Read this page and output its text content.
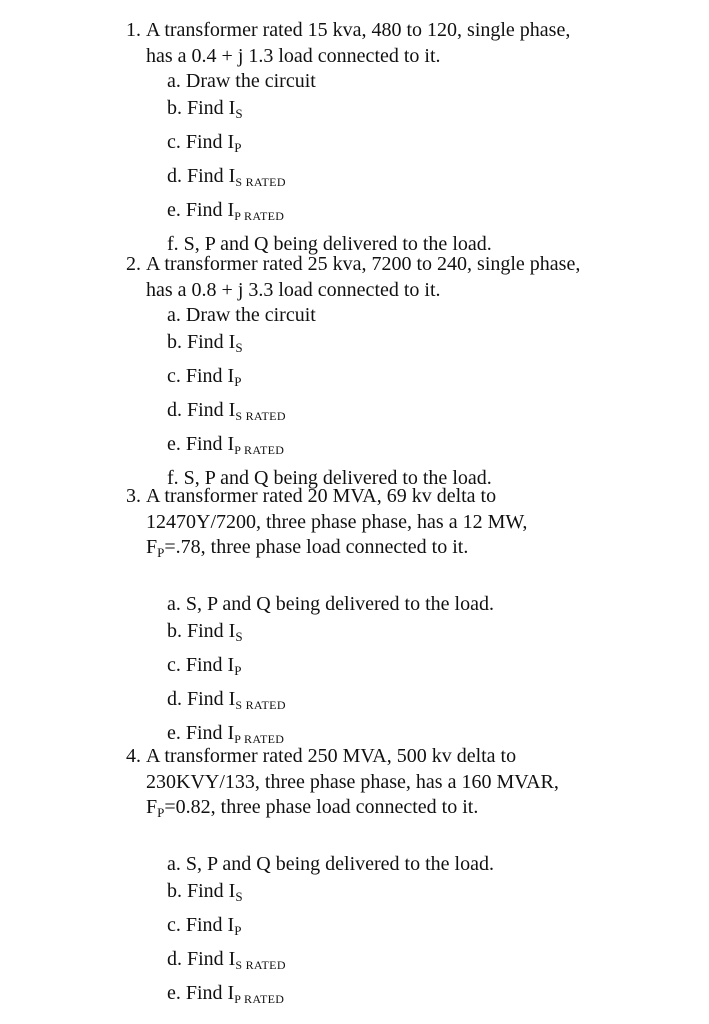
1. A transformer rated 15 kva, 480 to 120, single phase,
has a 0.4 + j 1.3 load connected to it.
a. Draw the circuit
b. Find $I_S$
c. Find $I_P$
d. Find $I_{S RATED}$
e. Find $I_{P RATED}$
f. S, P and Q being delivered to the load.
2. A transformer rated 25 kva, 7200 to 240, single phase,
has a 0.8 + j 3.3 load connected to it.
a. Draw the circuit
b. Find $I_S$
c. Find $I_P$
d. Find $I_{S RATED}$
e. Find $I_{P RATED}$
f. S, P and Q being delivered to the load.
3. A transformer rated 20 MVA, 69 kv delta to
12470Y/7200, three phase phase, has a 12 MW,
$F_P=.78$, three phase load connected to it.
a. S, P and Q being delivered to the load.
b. Find $I_S$
c. Find $I_P$
d. Find $I_{S RATED}$
e. Find $I_{P RATED}$
4. A transformer rated 250 MVA, 500 kv delta to
230KVY/133, three phase phase, has a 160 MVAR,
$F_P=0.82$, three phase load connected to it.
a. S, P and Q being delivered to the load.
b. Find $I_S$
c. Find $I_P$
d. Find $I_{S RATED}$
e. Find $I_{P RATED}$
